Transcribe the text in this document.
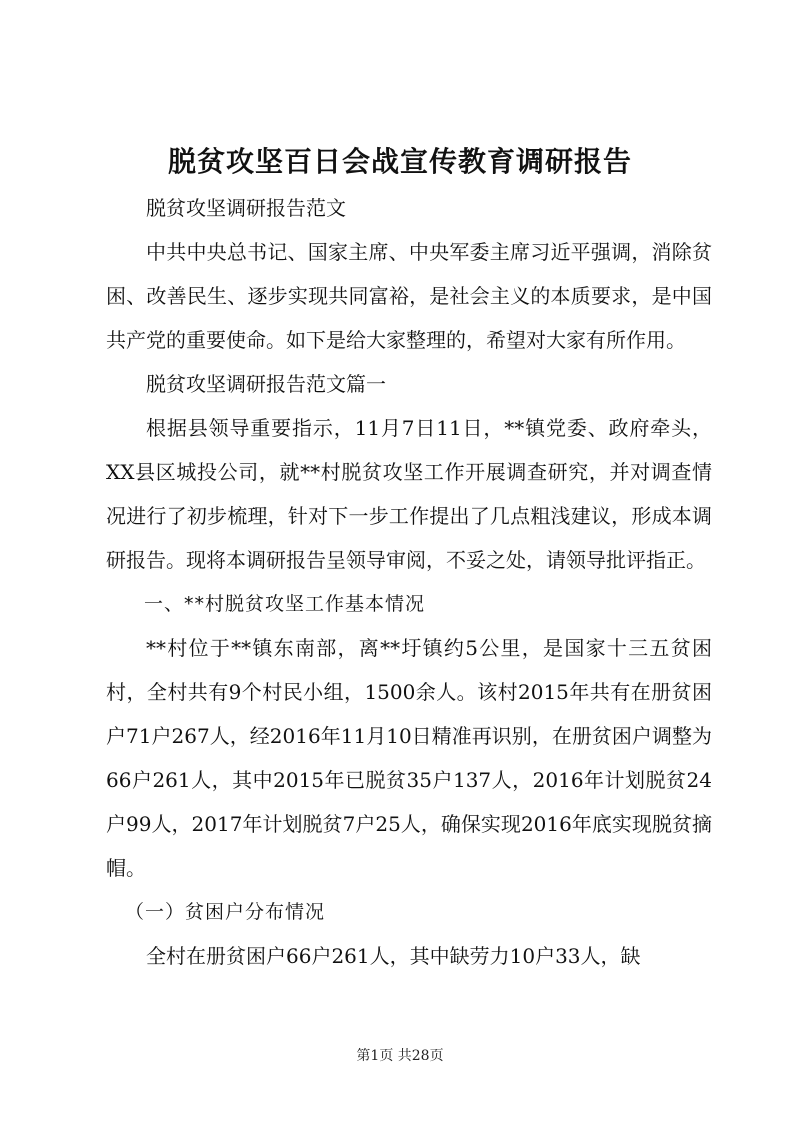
脱贫攻坚百日会战宣传教育调研报告

脱贫攻坚调研报告范文

中共中央总书记、国家主席、中央军委主席习近平强调，消除贫困、改善民生、逐步实现共同富裕，是社会主义的本质要求，是中国共产党的重要使命。如下是给大家整理的，希望对大家有所作用。

脱贫攻坚调研报告范文篇一

根据县领导重要指示，11月7日11日，**镇党委、政府牵头，XX县区城投公司，就**村脱贫攻坚工作开展调查研究，并对调查情况进行了初步梳理，针对下一步工作提出了几点粗浅建议，形成本调研报告。现将本调研报告呈领导审阅，不妥之处，请领导批评指正。

一、**村脱贫攻坚工作基本情况

**村位于**镇东南部，离**圩镇约5公里，是国家十三五贫困村，全村共有9个村民小组，1500余人。该村2015年共有在册贫困户71户267人，经2016年11月10日精准再识别，在册贫困户调整为66户261人，其中2015年已脱贫35户137人，2016年计划脱贫24户99人，2017年计划脱贫7户25人，确保实现2016年底实现脱贫摘帽。

（一）贫困户分布情况

全村在册贫困户66户261人，其中缺劳力10户33人，缺

第1页 共28页
